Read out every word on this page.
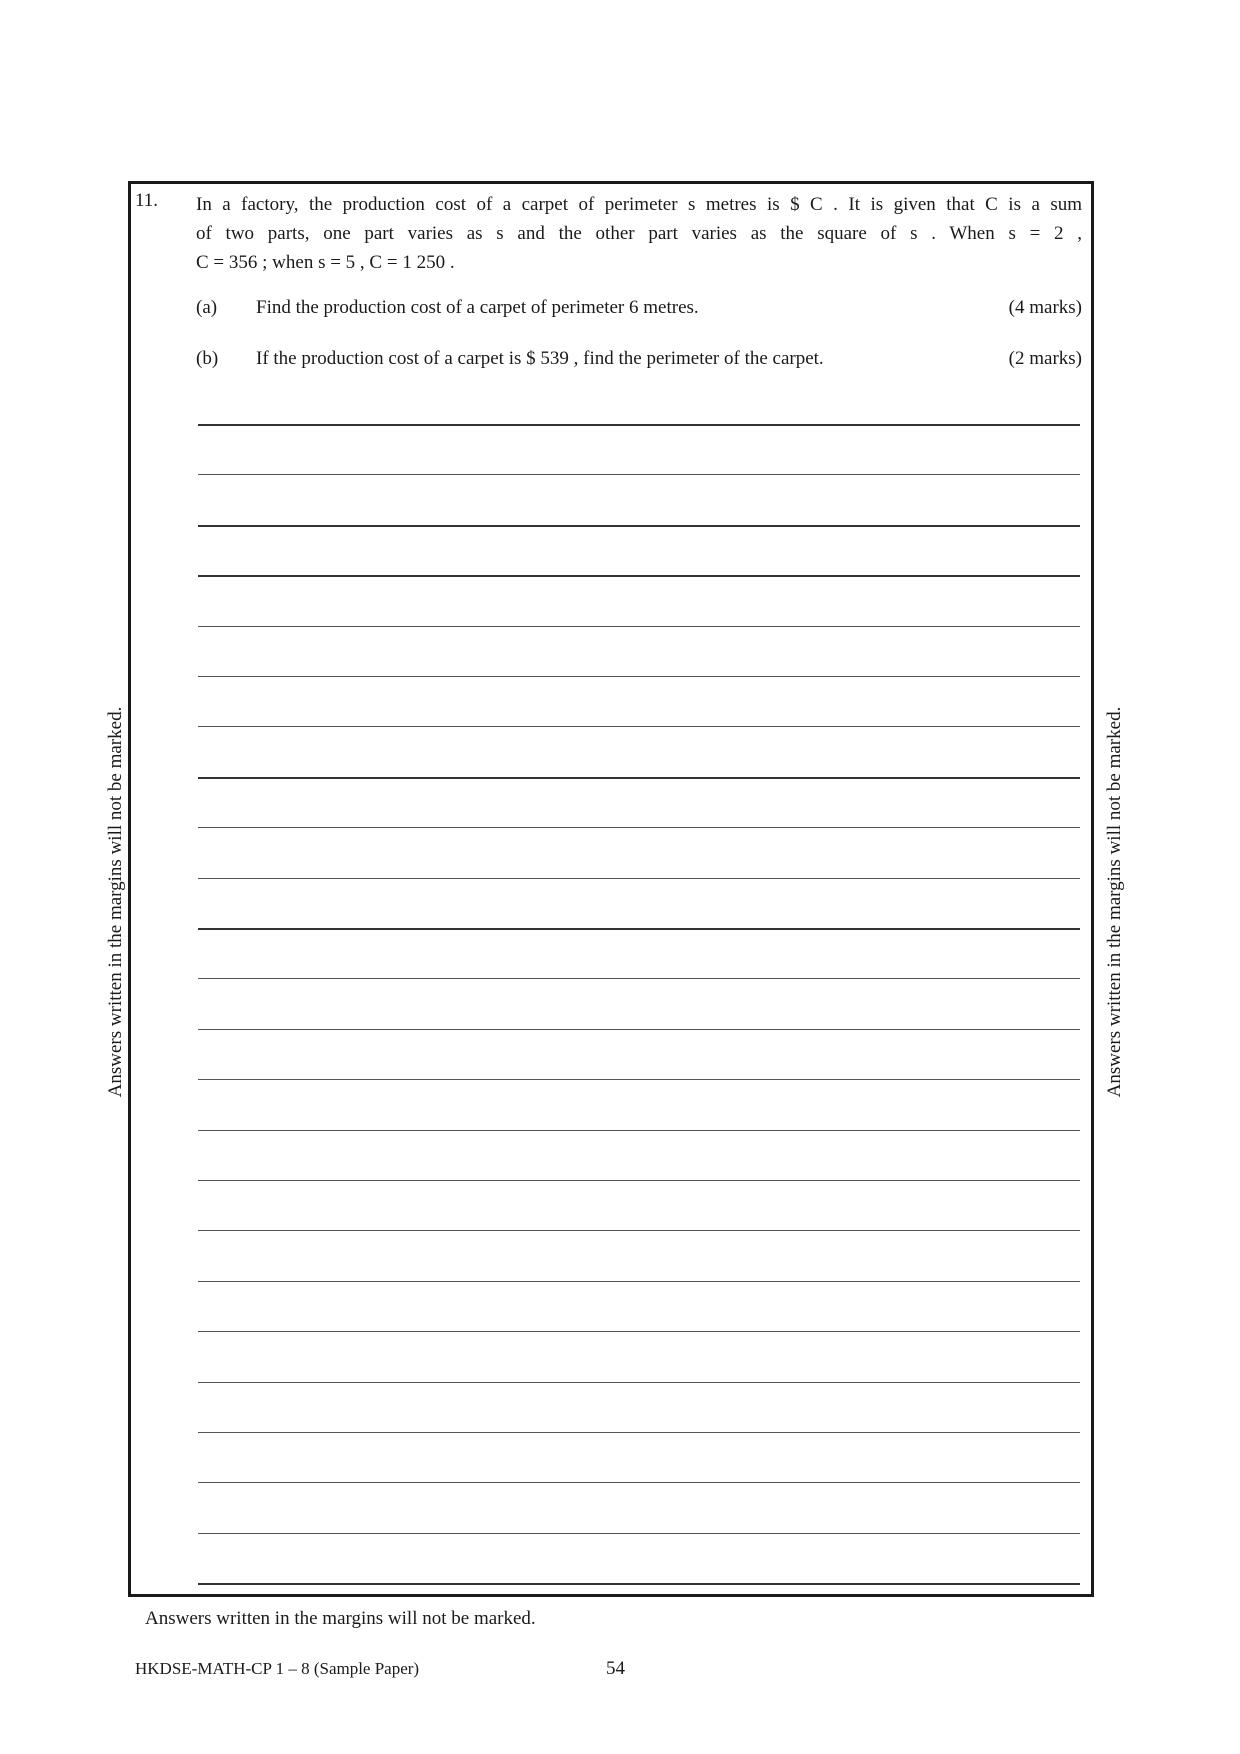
11. In a factory, the production cost of a carpet of perimeter s metres is $ C . It is given that C is a sum
of two parts, one part varies as s and the other part varies as the square of s . When s = 2 ,
C = 356 ; when s = 5 , C = 1 250 .
(a) Find the production cost of a carpet of perimeter 6 metres.	(4 marks)
(b) If the production cost of a carpet is $ 539 , find the perimeter of the carpet.	(2 marks)
Answers written in the margins will not be marked.	Answers written in the margins will not be marked.
Answers written in the margins will not be marked.
HKDSE-MATH-CP 1 – 8 (Sample Paper)	54
